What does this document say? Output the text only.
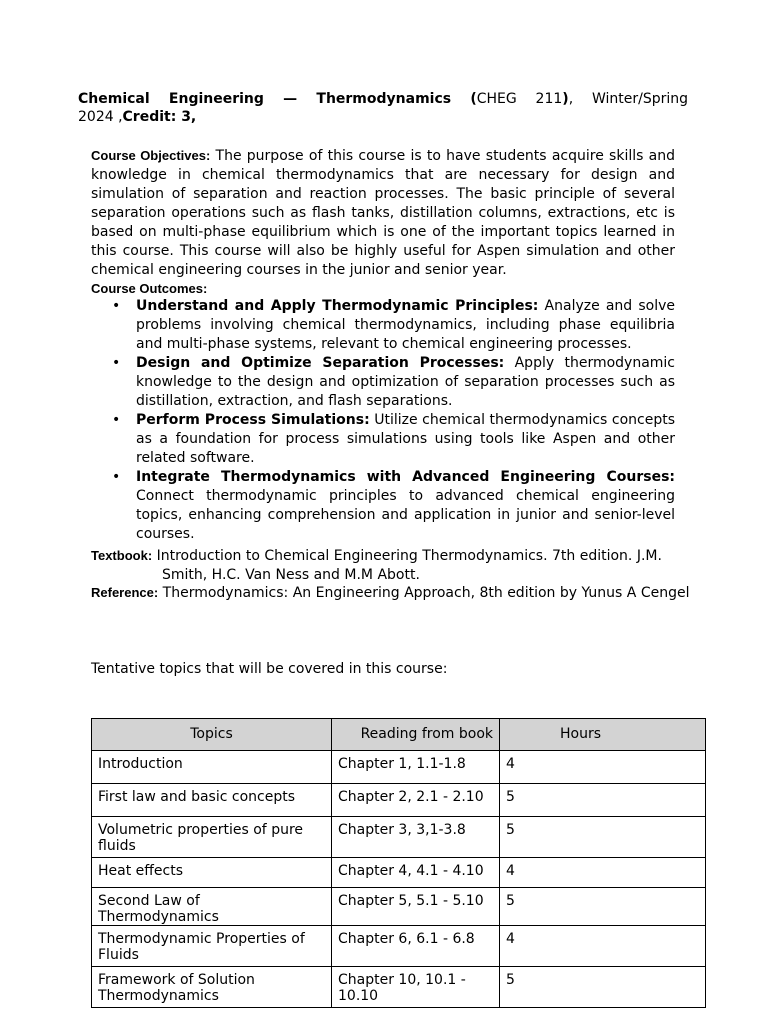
Chemical Engineering — Thermodynamics (CHEG 211), Winter/Spring
2024 ,Credit: 3,

Course Objectives: The purpose of this course is to have students acquire skills and knowledge in chemical thermodynamics that are necessary for design and simulation of separation and reaction processes. The basic principle of several separation operations such as flash tanks, distillation columns, extractions, etc is based on multi-phase equilibrium which is one of the important topics learned in this course. This course will also be highly useful for Aspen simulation and other chemical engineering courses in the junior and senior year.

Course Outcomes:
• Understand and Apply Thermodynamic Principles: Analyze and solve problems involving chemical thermodynamics, including phase equilibria and multi-phase systems, relevant to chemical engineering processes.
• Design and Optimize Separation Processes: Apply thermodynamic knowledge to the design and optimization of separation processes such as distillation, extraction, and flash separations.
• Perform Process Simulations: Utilize chemical thermodynamics concepts as a foundation for process simulations using tools like Aspen and other related software.
• Integrate Thermodynamics with Advanced Engineering Courses: Connect thermodynamic principles to advanced chemical engineering topics, enhancing comprehension and application in junior and senior-level courses.
Textbook: Introduction to Chemical Engineering Thermodynamics. 7th edition. J.M.
Smith, H.C. Van Ness and M.M Abott.
Reference: Thermodynamics: An Engineering Approach, 8th edition by Yunus A Cengel
Tentative topics that will be covered in this course:
Topics	Reading from book	Hours
Introduction	Chapter 1, 1.1-1.8	4
First law and basic concepts	Chapter 2, 2.1 - 2.10	5
Volumetric properties of pure fluids	Chapter 3, 3,1-3.8	5
Heat effects	Chapter 4, 4.1 - 4.10	4
Second Law of Thermodynamics	Chapter 5, 5.1 - 5.10	5
Thermodynamic Properties of Fluids	Chapter 6, 6.1 - 6.8	4
Framework of Solution Thermodynamics	Chapter 10, 10.1 - 10.10	5
